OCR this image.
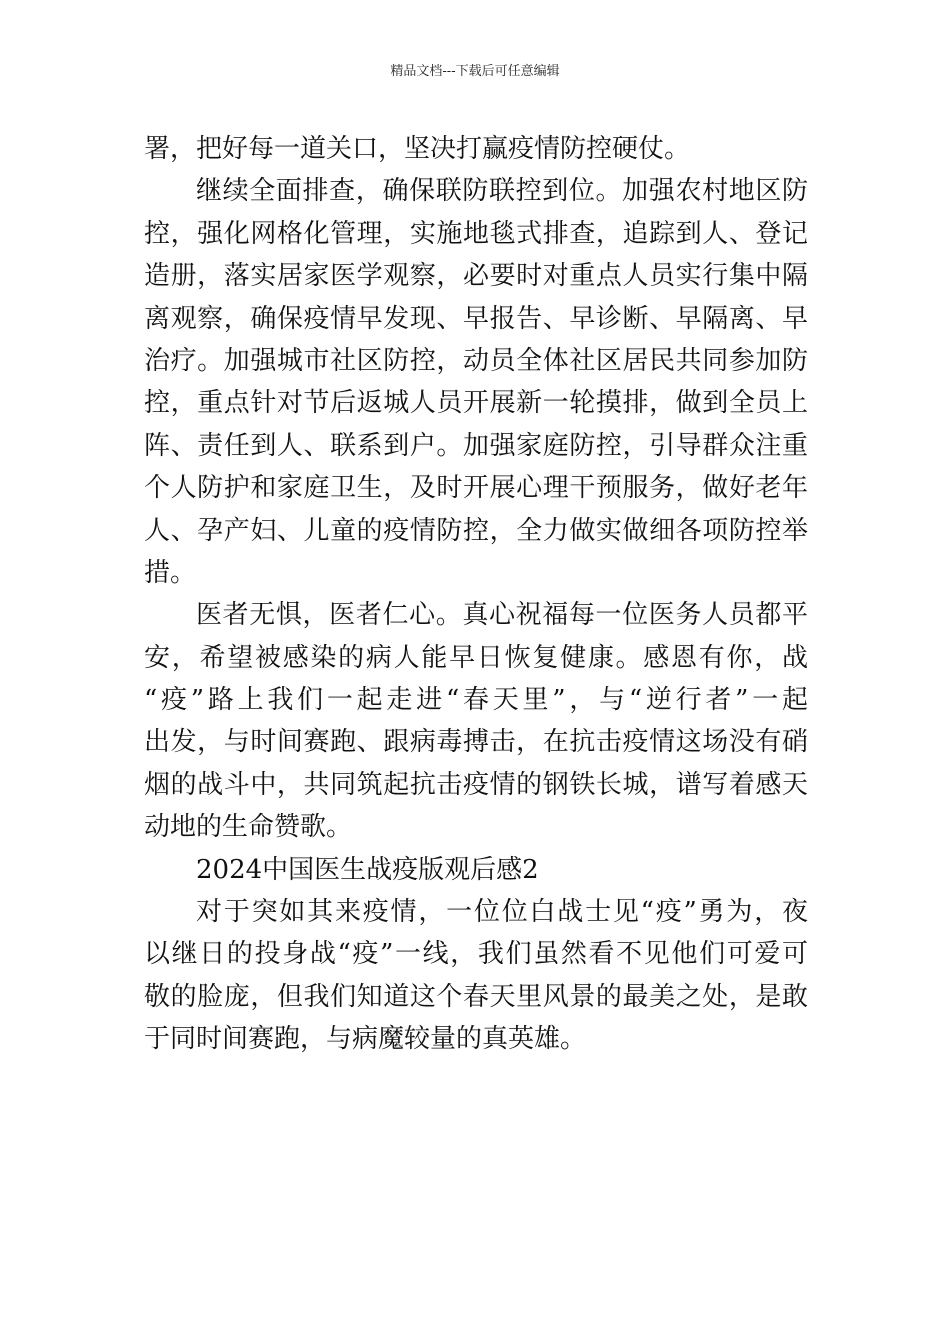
精品文档---下载后可任意编辑
署，把好每一道关口，坚决打赢疫情防控硬仗。
继续全面排查，确保联防联控到位。加强农村地区防
控，强化网格化管理，实施地毯式排查，追踪到人、登记
造册，落实居家医学观察，必要时对重点人员实行集中隔
离观察，确保疫情早发现、早报告、早诊断、早隔离、早
治疗。加强城市社区防控，动员全体社区居民共同参加防
控，重点针对节后返城人员开展新一轮摸排，做到全员上
阵、责任到人、联系到户。加强家庭防控，引导群众注重
个人防护和家庭卫生，及时开展心理干预服务，做好老年
人、孕产妇、儿童的疫情防控，全力做实做细各项防控举
措。
医者无惧，医者仁心。真心祝福每一位医务人员都平
安，希望被感染的病人能早日恢复健康。感恩有你，战
“疫”路上我们一起走进“春天里”，与“逆行者”一起
出发，与时间赛跑、跟病毒搏击，在抗击疫情这场没有硝
烟的战斗中，共同筑起抗击疫情的钢铁长城，谱写着感天
动地的生命赞歌。
2024中国医生战疫版观后感2
对于突如其来疫情，一位位白战士见“疫”勇为，夜
以继日的投身战“疫”一线，我们虽然看不见他们可爱可
敬的脸庞，但我们知道这个春天里风景的最美之处，是敢
于同时间赛跑，与病魔较量的真英雄。
